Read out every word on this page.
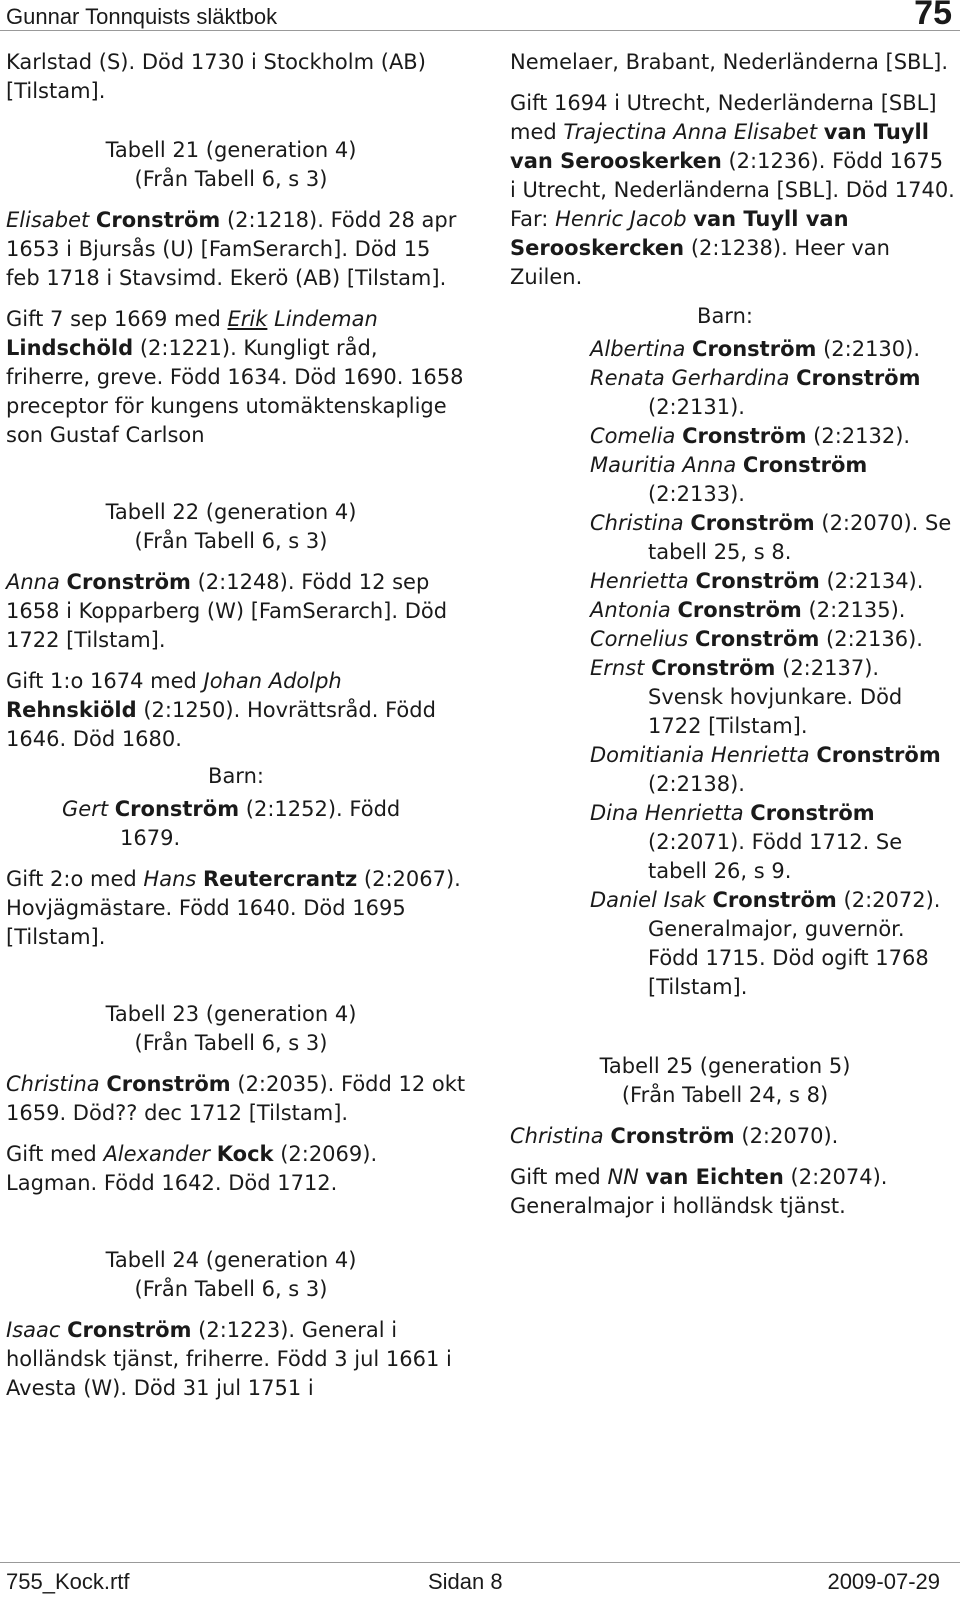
Gunnar Tonnquists släktbok	75

Karlstad (S). Död 1730 i Stockholm (AB) [Tilstam].

Tabell 21 (generation 4)
(Från Tabell 6, s 3)

Elisabet Cronström (2:1218). Född 28 apr 1653 i Bjursås (U) [FamSerarch]. Död 15 feb 1718 i Stavsimd. Ekerö (AB) [Tilstam].

Gift 7 sep 1669 med Erik Lindeman Lindschöld (2:1221). Kungligt råd, friherre, greve. Född 1634. Död 1690. 1658 preceptor för kungens utomäktenskaplige son Gustaf Carlson

Tabell 22 (generation 4)
(Från Tabell 6, s 3)

Anna Cronström (2:1248). Född 12 sep 1658 i Kopparberg (W) [FamSerarch]. Död 1722 [Tilstam].

Gift 1:o 1674 med Johan Adolph Rehnskiöld (2:1250). Hovrättsråd. Född 1646. Död 1680.

Barn:

Gert Cronström (2:1252). Född 1679.

Gift 2:o med Hans Reutercrantz (2:2067). Hovjägmästare. Född 1640. Död 1695 [Tilstam].

Tabell 23 (generation 4)
(Från Tabell 6, s 3)

Christina Cronström (2:2035). Född 12 okt 1659. Död?? dec 1712 [Tilstam].

Gift med Alexander Kock (2:2069). Lagman. Född 1642. Död 1712.

Tabell 24 (generation 4)
(Från Tabell 6, s 3)

Isaac Cronström (2:1223). General i holländsk tjänst, friherre. Född 3 jul 1661 i Avesta (W). Död 31 jul 1751 i

Nemelaer, Brabant, Nederländerna [SBL].

Gift 1694 i Utrecht, Nederländerna [SBL] med Trajectina Anna Elisabet van Tuyll van Serooskerken (2:1236). Född 1675 i Utrecht, Nederländerna [SBL]. Död 1740. Far: Henric Jacob van Tuyll van Serooskercken (2:1238). Heer van Zuilen.

Barn:

Albertina Cronström (2:2130).

Renata Gerhardina Cronström (2:2131).

Comelia Cronström (2:2132).

Mauritia Anna Cronström (2:2133).

Christina Cronström (2:2070). Se tabell 25, s 8.

Henrietta Cronström (2:2134).

Antonia Cronström (2:2135).

Cornelius Cronström (2:2136).

Ernst Cronström (2:2137). Svensk hovjunkare. Död 1722 [Tilstam].

Domitiania Henrietta Cronström (2:2138).

Dina Henrietta Cronström (2:2071). Född 1712. Se tabell 26, s 9.

Daniel Isak Cronström (2:2072). Generalmajor, guvernör. Född 1715. Död ogift 1768 [Tilstam].

Tabell 25 (generation 5)
(Från Tabell 24, s 8)

Christina Cronström (2:2070).

Gift med NN van Eichten (2:2074). Generalmajor i holländsk tjänst.

755_Kock.rtf	Sidan 8	2009-07-29
